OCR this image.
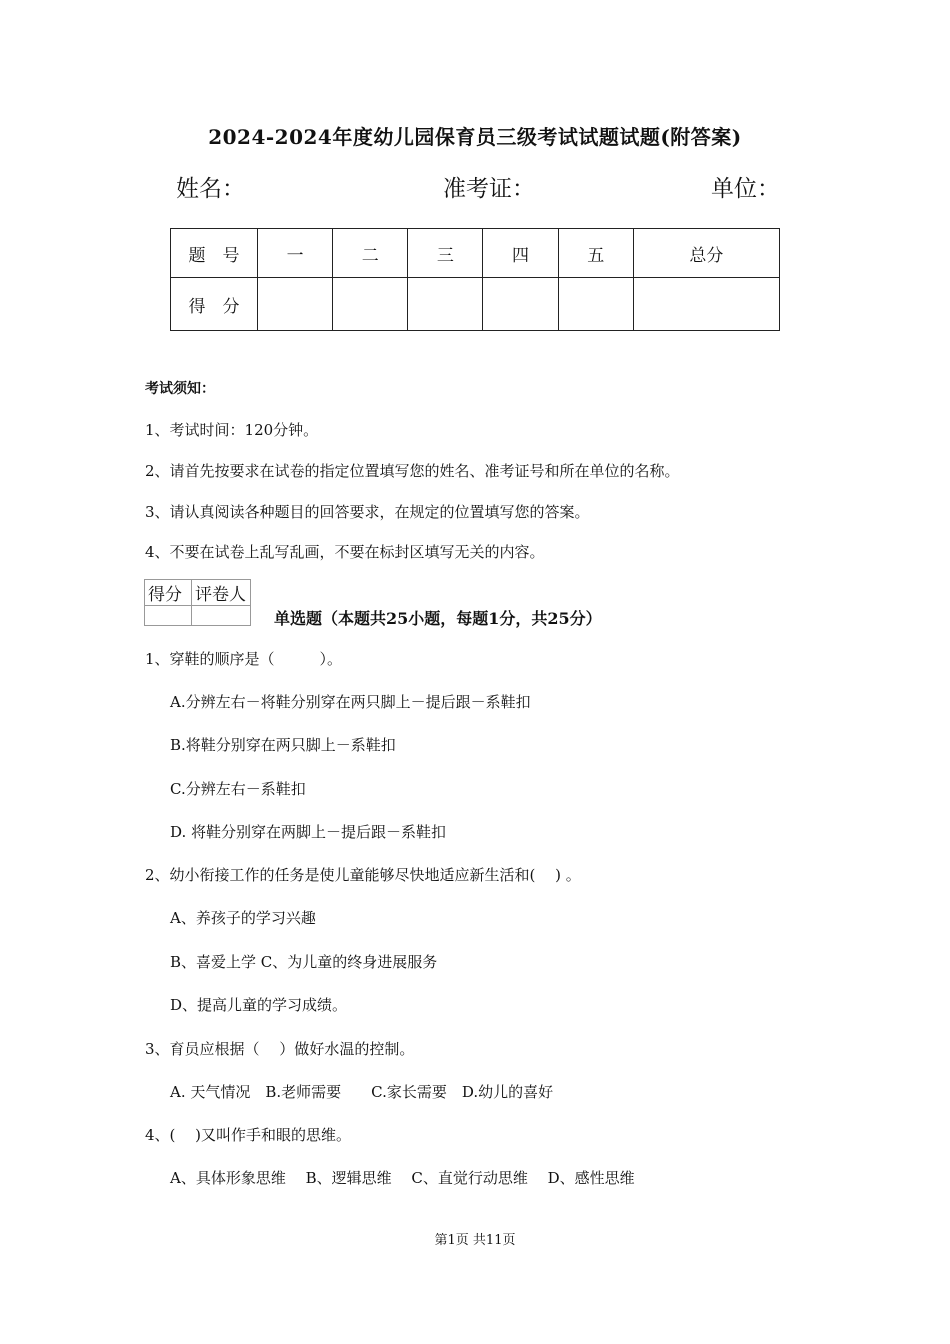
2024-2024年度幼儿园保育员三级考试试题试题(附答案)
姓名：	准考证：	单位：
题　号	一	二	三	四	五	总分
得　分						
考试须知：
1、考试时间：120分钟。
2、请首先按要求在试卷的指定位置填写您的姓名、准考证号和所在单位的名称。
3、请认真阅读各种题目的回答要求，在规定的位置填写您的答案。
4、不要在试卷上乱写乱画，不要在标封区填写无关的内容。
得分	评卷人

单选题（本题共25小题，每题1分，共25分）
1、穿鞋的顺序是（　　　）。
A.分辨左右－将鞋分别穿在两只脚上－提后跟－系鞋扣
B.将鞋分别穿在两只脚上－系鞋扣
C.分辨左右－系鞋扣
D. 将鞋分别穿在两脚上－提后跟－系鞋扣
2、幼小衔接工作的任务是使儿童能够尽快地适应新生活和(　 ) 。
A、养孩子的学习兴趣
B、喜爱上学 C、为儿童的终身进展服务
D、提高儿童的学习成绩。
3、育员应根据（　 ）做好水温的控制。
A. 天气情况　B.老师需要　　C.家长需要　D.幼儿的喜好
4、(　 )又叫作手和眼的思维。
A、具体形象思维　 B、逻辑思维　 C、直觉行动思维　 D、感性思维
第1页 共11页
